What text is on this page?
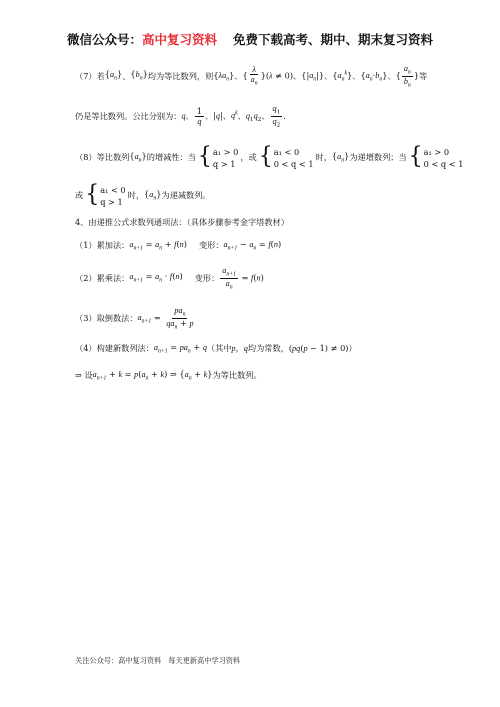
微信公众号：高中复习资料 免费下载高考、期中、期末复习资料
（7）若 $\{a_n\}$ 、 $\{b_n\}$ 均为等比数列，则 $\{\lambda a_n\}$、{ $\frac{\lambda}{a_n} \}(\lambda \ne 0)$、$\{|a_n|\}$、$\{a_n^k\}$、$\{a_n\cdot b_n\}$、{ $\frac{a_n}{b_n}$ } 等
仍是等比数列。公比分别为： q、 $\frac{1}{q}$ 、|q|、$q^k$、$q_1q_2$、 $\frac{q_1}{q_2}$ .
（8）等比数列 $\{a_n\}$ 的增减性：当 { a₁ > 0
q > 1
，或 { a₁ < 0
0 < q < 1
时， $\{a_n\}$ 为递增数列；当 { a₁ > 0
0 < q < 1
或 { a₁ < 0
q > 1
时， $\{a_n\}$ 为递减数列。
4、由递推公式求数列通项法：（具体步骤参考金字塔教材）
（1）累加法： $a_{n+1} = a_n + f(n)$ 变形： $a_{n+1} - a_n = f(n)$
（2）累乘法： $a_{n+1} = a_n \cdot f(n)$ 变形： $\frac{a_{n+1}}{a_n} = f(n)$
（3）取倒数法： $a_{n+1} = \frac{pa_n}{qa_n + p}$
（4）构建新数列法： $a_{n+1} = pa_n + q$ （其中 p ， q 均为常数， (pq(p − 1) ≠ 0) ）
⇒ 设 $a_{n+1} + k = p(a_n + k)$ ⇒ $\{a_n + k\}$ 为等比数列。
关注公众号：高中复习资料 每天更新高中学习资料
